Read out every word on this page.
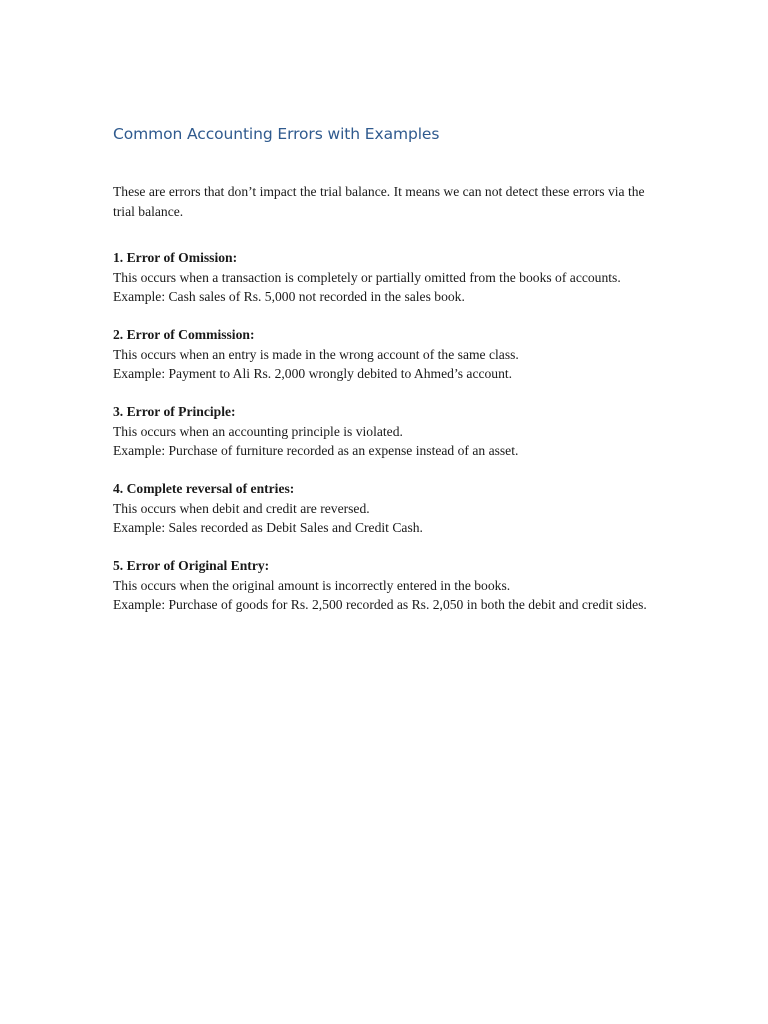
Common Accounting Errors with Examples

These are errors that don’t impact the trial balance. It means we can not detect these errors via the trial balance.

1. Error of Omission:

This occurs when a transaction is completely or partially omitted from the books of accounts.

Example: Cash sales of Rs. 5,000 not recorded in the sales book.

2. Error of Commission:

This occurs when an entry is made in the wrong account of the same class.

Example: Payment to Ali Rs. 2,000 wrongly debited to Ahmed’s account.

3. Error of Principle:

This occurs when an accounting principle is violated.

Example: Purchase of furniture recorded as an expense instead of an asset.

4. Complete reversal of entries:

This occurs when debit and credit are reversed.

Example: Sales recorded as Debit Sales and Credit Cash.

5. Error of Original Entry:

This occurs when the original amount is incorrectly entered in the books.

Example: Purchase of goods for Rs. 2,500 recorded as Rs. 2,050 in both the debit and credit sides.
